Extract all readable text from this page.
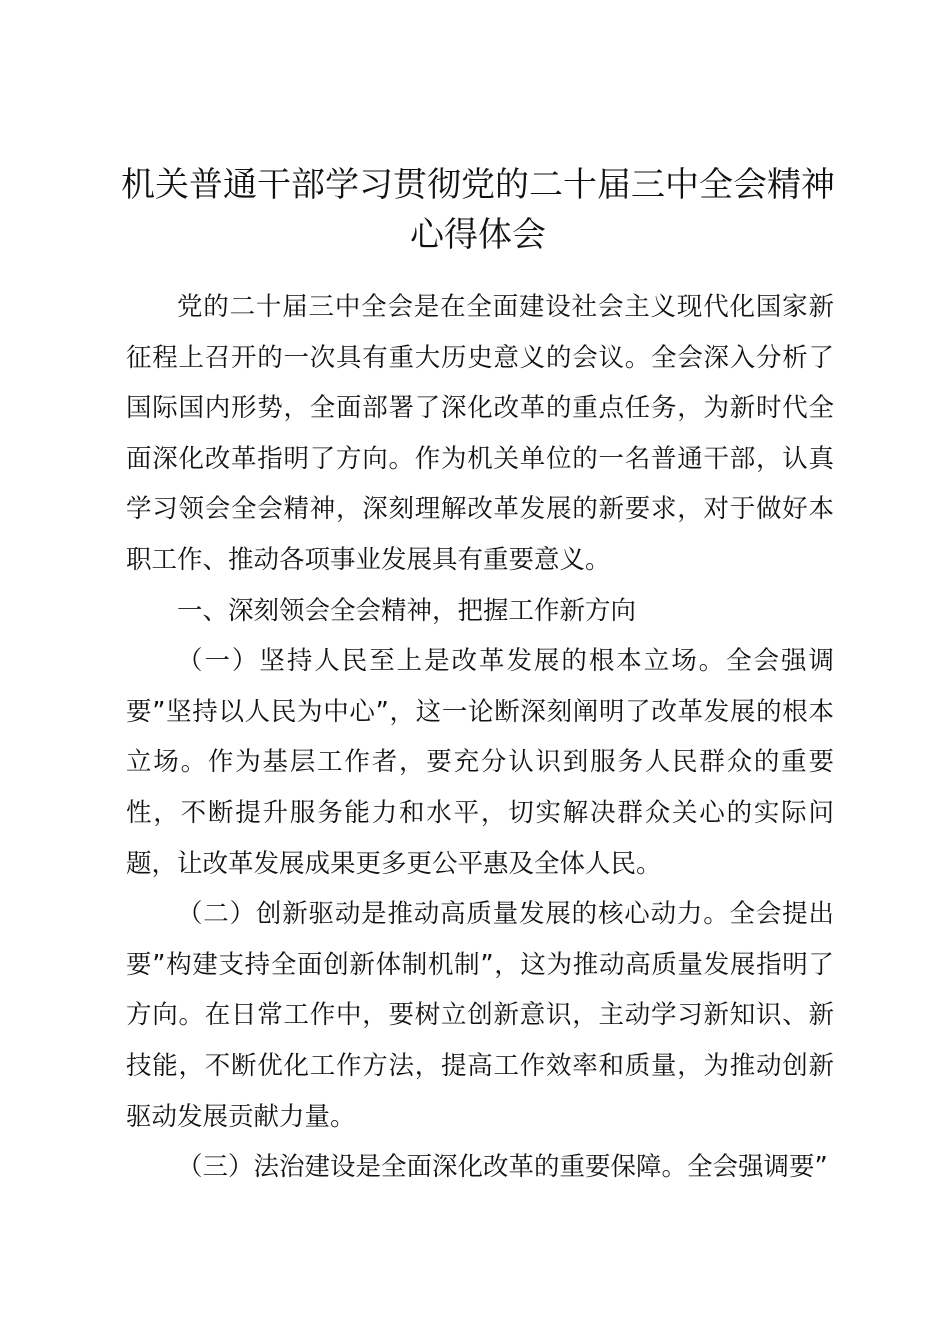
机关普通干部学习贯彻党的二十届三中全会精神心得体会

党的二十届三中全会是在全面建设社会主义现代化国家新征程上召开的一次具有重大历史意义的会议。全会深入分析了国际国内形势，全面部署了深化改革的重点任务，为新时代全面深化改革指明了方向。作为机关单位的一名普通干部，认真学习领会全会精神，深刻理解改革发展的新要求，对于做好本职工作、推动各项事业发展具有重要意义。

一、深刻领会全会精神，把握工作新方向

（一）坚持人民至上是改革发展的根本立场。全会强调要”坚持以人民为中心”，这一论断深刻阐明了改革发展的根本立场。作为基层工作者，要充分认识到服务人民群众的重要性，不断提升服务能力和水平，切实解决群众关心的实际问题，让改革发展成果更多更公平惠及全体人民。

（二）创新驱动是推动高质量发展的核心动力。全会提出要”构建支持全面创新体制机制”，这为推动高质量发展指明了方向。在日常工作中，要树立创新意识，主动学习新知识、新技能，不断优化工作方法，提高工作效率和质量，为推动创新驱动发展贡献力量。

（三）法治建设是全面深化改革的重要保障。全会强调要”
